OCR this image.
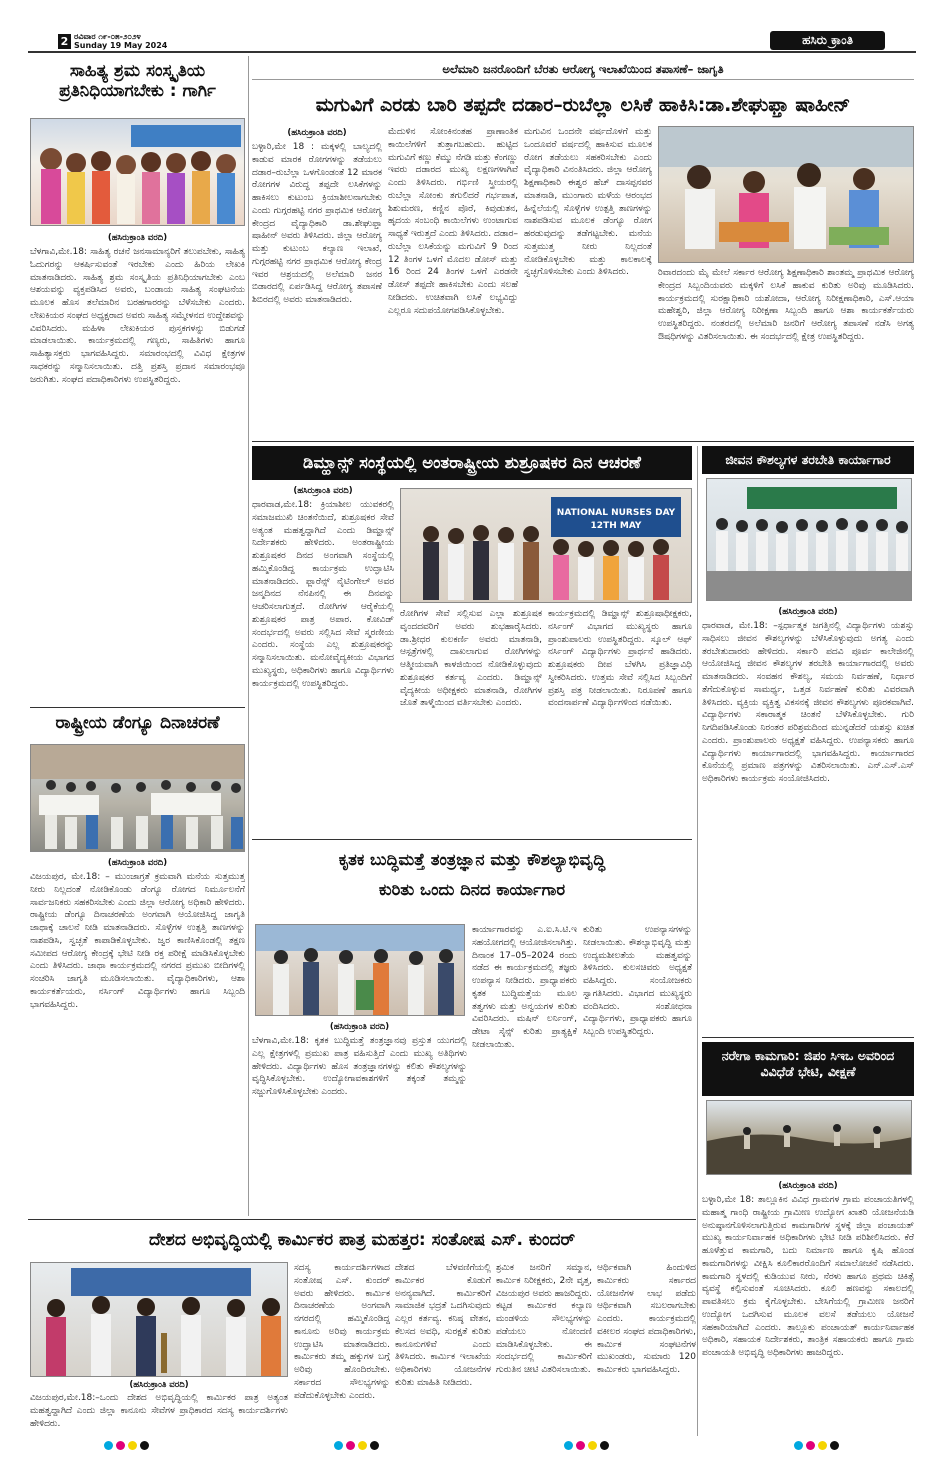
2 ರವಿವಾರ ೧೯-೦೫-೨೦೨೪
Sunday 19 May 2024	ಹಸಿರು ಕ್ರಾಂತಿ
ಸಾಹಿತ್ಯ ಶ್ರಮ ಸಂಸ್ಕೃತಿಯ ಪ್ರತಿನಿಧಿಯಾಗಬೇಕು : ಗಾರ್ಗಿ
(ಹಸಿರುಕ್ರಾಂತಿ ವರದಿ)
ಬೆಳಗಾವಿ,ಮೇ.18: ಸಾಹಿತ್ಯ ರಚನೆ ಜನಸಾಮಾನ್ಯರಿಗೆ ತಲುಪಬೇಕು, ಸಾಹಿತ್ಯ ಓದುಗರನ್ನು ಆಕರ್ಷಿಸುವಂತೆ ಇರಬೇಕು ಎಂದು ಹಿರಿಯ ಲೇಖಕಿ ಮಾತನಾಡಿದರು. ಸಾಹಿತ್ಯ ಶ್ರಮ ಸಂಸ್ಕೃತಿಯ ಪ್ರತಿನಿಧಿಯಾಗಬೇಕು ಎಂಬ ಆಶಯವನ್ನು ವ್ಯಕ್ತಪಡಿಸಿದ ಅವರು, ಬಂಡಾಯ ಸಾಹಿತ್ಯ ಸಂಘಟನೆಯ ಮೂಲಕ ಹೊಸ ತಲೆಮಾರಿನ ಬರಹಗಾರರನ್ನು ಬೆಳೆಸಬೇಕು ಎಂದರು. ಲೇಖಕಿಯರ ಸಂಘದ ಅಧ್ಯಕ್ಷರಾದ ಅವರು ಸಾಹಿತ್ಯ ಸಮ್ಮೇಳನದ ಉದ್ದೇಶವನ್ನು ವಿವರಿಸಿದರು. ಮಹಿಳಾ ಲೇಖಕಿಯರ ಪುಸ್ತಕಗಳನ್ನು ಬಿಡುಗಡೆ ಮಾಡಲಾಯಿತು. ಕಾರ್ಯಕ್ರಮದಲ್ಲಿ ಗಣ್ಯರು, ಸಾಹಿತಿಗಳು ಹಾಗೂ ಸಾಹಿತ್ಯಾಸಕ್ತರು ಭಾಗವಹಿಸಿದ್ದರು. ಸಮಾರಂಭದಲ್ಲಿ ವಿವಿಧ ಕ್ಷೇತ್ರಗಳ ಸಾಧಕರನ್ನು ಸನ್ಮಾನಿಸಲಾಯಿತು. ದತ್ತಿ ಪ್ರಶಸ್ತಿ ಪ್ರದಾನ ಸಮಾರಂಭವೂ ಜರುಗಿತು. ಸಂಘದ ಪದಾಧಿಕಾರಿಗಳು ಉಪಸ್ಥಿತರಿದ್ದರು.
ರಾಷ್ಟ್ರೀಯ ಡೆಂಗ್ಯೂ ದಿನಾಚರಣೆ
(ಹಸಿರುಕ್ರಾಂತಿ ವರದಿ)
ವಿಜಯಪುರ, ಮೇ.18: – ಮುಂಜಾಗ್ರತೆ ಕ್ರಮವಾಗಿ ಮನೆಯ ಸುತ್ತಮುತ್ತ ನೀರು ನಿಲ್ಲದಂತೆ ನೋಡಿಕೊಂಡು ಡೆಂಗ್ಯೂ ರೋಗದ ನಿರ್ಮೂಲನೆಗೆ ಸಾರ್ವಜನಿಕರು ಸಹಕರಿಸಬೇಕು ಎಂದು ಜಿಲ್ಲಾ ಆರೋಗ್ಯ ಅಧಿಕಾರಿ ಹೇಳಿದರು. ರಾಷ್ಟ್ರೀಯ ಡೆಂಗ್ಯೂ ದಿನಾಚರಣೆಯ ಅಂಗವಾಗಿ ಆಯೋಜಿಸಿದ್ದ ಜಾಗೃತಿ ಜಾಥಾಕ್ಕೆ ಚಾಲನೆ ನೀಡಿ ಮಾತನಾಡಿದರು. ಸೊಳ್ಳೆಗಳ ಉತ್ಪತ್ತಿ ತಾಣಗಳನ್ನು ನಾಶಪಡಿಸಿ, ಸ್ವಚ್ಛತೆ ಕಾಪಾಡಿಕೊಳ್ಳಬೇಕು. ಜ್ವರ ಕಾಣಿಸಿಕೊಂಡಲ್ಲಿ ತಕ್ಷಣ ಸಮೀಪದ ಆರೋಗ್ಯ ಕೇಂದ್ರಕ್ಕೆ ಭೇಟಿ ನೀಡಿ ರಕ್ತ ಪರೀಕ್ಷೆ ಮಾಡಿಸಿಕೊಳ್ಳಬೇಕು ಎಂದು ತಿಳಿಸಿದರು. ಜಾಥಾ ಕಾರ್ಯಕ್ರಮದಲ್ಲಿ ನಗರದ ಪ್ರಮುಖ ಬೀದಿಗಳಲ್ಲಿ ಸಂಚರಿಸಿ ಜಾಗೃತಿ ಮೂಡಿಸಲಾಯಿತು. ವೈದ್ಯಾಧಿಕಾರಿಗಳು, ಆಶಾ ಕಾರ್ಯಕರ್ತೆಯರು, ನರ್ಸಿಂಗ್ ವಿದ್ಯಾರ್ಥಿಗಳು ಹಾಗೂ ಸಿಬ್ಬಂದಿ ಭಾಗವಹಿಸಿದ್ದರು.
ಅಲೆಮಾರಿ ಜನರೊಂದಿಗೆ ಬೆರತು ಆರೋಗ್ಯ ಇಲಾಖೆಯಿಂದ ತಪಾಸಣೆ– ಜಾಗೃತಿ
ಮಗುವಿಗೆ ಎರಡು ಬಾರಿ ತಪ್ಪದೇ ದಡಾರ–ರುಬೆಲ್ಲಾ ಲಸಿಕೆ ಹಾಕಿಸಿ:ಡಾ.ಶೇಘುಫ್ತಾ ಷಾಹೀನ್
(ಹಸಿರುಕ್ರಾಂತಿ ವರದಿ)
ಬಳ್ಳಾರಿ,ಮೇ 18 : ಮಕ್ಕಳಲ್ಲಿ ಬಾಲ್ಯದಲ್ಲಿ ಕಾಡುವ ಮಾರಕ ರೋಗಗಳನ್ನು ತಡೆಯಲು ದಡಾರ–ರುಬೆಲ್ಲಾ ಒಳಗೊಂಡಂತೆ 12 ಮಾರಕ ರೋಗಗಳ ವಿರುದ್ಧ ತಪ್ಪದೇ ಲಸಿಕೆಗಳನ್ನು ಹಾಕಿಸಲು ಕುಟುಂಬ ಕ್ರಿಯಾಶೀಲನಾಗಬೇಕು ಎಂದು ಗುಗ್ಗರಹಟ್ಟಿ ನಗರ ಪ್ರಾಥಮಿಕ ಆರೋಗ್ಯ ಕೇಂದ್ರದ ವೈದ್ಯಾಧಿಕಾರಿ ಡಾ.ಶೇಘುಫ್ತಾ ಷಾಹೀನ್ ಅವರು ತಿಳಿಸಿದರು. ಜಿಲ್ಲಾ ಆರೋಗ್ಯ ಮತ್ತು ಕುಟುಂಬ ಕಲ್ಯಾಣ ಇಲಾಖೆ, ಗುಗ್ಗರಹಟ್ಟಿ ನಗರ ಪ್ರಾಥಮಿಕ ಆರೋಗ್ಯ ಕೇಂದ್ರ ಇವರ ಆಶ್ರಯದಲ್ಲಿ ಅಲೆಮಾರಿ ಜನರ ಬಿಡಾರದಲ್ಲಿ ಏರ್ಪಡಿಸಿದ್ದ ಆರೋಗ್ಯ ತಪಾಸಣೆ ಶಿಬಿರದಲ್ಲಿ ಅವರು ಮಾತನಾಡಿದರು.
ಮೆದುಳಿನ ಸೋಂಕಿನಂತಹ ಪ್ರಾಣಾಂತಿಕ ಕಾಯಿಲೆಗಳಿಗೆ ತುತ್ತಾಗಬಹುದು. ಹುಟ್ಟಿದ ಮಗುವಿಗೆ ಕಣ್ಣು ಕೆಮ್ಮು ನೆಗಡಿ ಮತ್ತು ಕೆಂಗಣ್ಣು ಇವರು ದಡಾರದ ಮುಖ್ಯ ಲಕ್ಷಣಗಳಾಗಿವೆ ಎಂದು ತಿಳಿಸಿದರು. ಗರ್ಭಿಣಿ ಸ್ತ್ರೀಯರಲ್ಲಿ ರುಬೆಲ್ಲಾ ಸೋಂಕು ತಗುಲಿದರೆ ಗರ್ಭಪಾತ, ಶಿಶುಮರಣ, ಕಣ್ಣಿನ ಪೊರೆ, ಕಿವುಡುತನ, ಹೃದಯ ಸಂಬಂಧಿ ಕಾಯಿಲೆಗಳು ಉಂಟಾಗುವ ಸಾಧ್ಯತೆ ಇರುತ್ತದೆ ಎಂದು ತಿಳಿಸಿದರು. ದಡಾರ–ರುಬೆಲ್ಲಾ ಲಸಿಕೆಯನ್ನು ಮಗುವಿಗೆ 9 ರಿಂದ 12 ತಿಂಗಳ ಒಳಗೆ ಮೊದಲ ಡೋಸ್ ಮತ್ತು 16 ರಿಂದ 24 ತಿಂಗಳ ಒಳಗೆ ಎರಡನೇ ಡೋಸ್ ತಪ್ಪದೇ ಹಾಕಿಸಬೇಕು ಎಂದು ಸಲಹೆ ನೀಡಿದರು. ಉಚಿತವಾಗಿ ಲಸಿಕೆ ಲಭ್ಯವಿದ್ದು ಎಲ್ಲರೂ ಸದುಪಯೋಗಪಡಿಸಿಕೊಳ್ಳಬೇಕು.
ಮಗುವಿನ ಒಂದನೇ ವರ್ಷದೊಳಗೆ ಮತ್ತು ಒಂದೂವರೆ ವರ್ಷದಲ್ಲಿ ಹಾಕಿಸುವ ಮೂಲಕ ರೋಗ ತಡೆಯಲು ಸಹಕರಿಸಬೇಕು ಎಂದು ವೈದ್ಯಾಧಿಕಾರಿ ವಿನಂತಿಸಿದರು. ಜಿಲ್ಲಾ ಆರೋಗ್ಯ ಶಿಕ್ಷಣಾಧಿಕಾರಿ ಈಶ್ವರ ಹೆಚ್ ದಾಸಪ್ಪನವರ ಮಾತನಾಡಿ, ಮುಂಗಾರು ಮಳೆಯ ಆರಂಭದ ಹಿನ್ನೆಲೆಯಲ್ಲಿ ಸೊಳ್ಳೆಗಳ ಉತ್ಪತ್ತಿ ತಾಣಗಳನ್ನು ನಾಶಪಡಿಸುವ ಮೂಲಕ ಡೆಂಗ್ಯೂ ರೋಗ ಹರಡುವುದನ್ನು ತಡೆಗಟ್ಟಬೇಕು. ಮನೆಯ ಸುತ್ತಮುತ್ತ ನೀರು ನಿಲ್ಲದಂತೆ ನೋಡಿಕೊಳ್ಳಬೇಕು ಮತ್ತು ಕಾಲಕಾಲಕ್ಕೆ ಸ್ವಚ್ಛಗೊಳಿಸಬೇಕು ಎಂದು ತಿಳಿಸಿದರು.	ರಿವಾರದಂದು ಮೈ ಮೇಲೆ ಸರ್ಕಾರ ಆರೋಗ್ಯ ಶಿಕ್ಷಣಾಧಿಕಾರಿ ಶಾಂತಮ್ಮ ಪ್ರಾಥಮಿಕ ಆರೋಗ್ಯ ಕೇಂದ್ರದ ಸಿಬ್ಬಂದಿಯವರು ಮಕ್ಕಳಿಗೆ ಲಸಿಕೆ ಹಾಕುವ ಕುರಿತು ಅರಿವು ಮೂಡಿಸಿದರು. ಕಾರ್ಯಕ್ರಮದಲ್ಲಿ ಸುರಕ್ಷಾಧಿಕಾರಿ ಯಶೋದಾ, ಆರೋಗ್ಯ ನಿರೀಕ್ಷಣಾಧಿಕಾರಿ, ಎಸ್.ಆಯಾ ಮಹೇಶ್ವರಿ, ಜಿಲ್ಲಾ ಆರೋಗ್ಯ ನಿರೀಕ್ಷಣಾ ಸಿಬ್ಬಂದಿ ಹಾಗೂ ಆಶಾ ಕಾರ್ಯಕರ್ತೆಯರು ಉಪಸ್ಥಿತರಿದ್ದರು. ನಂತರದಲ್ಲಿ ಅಲೆಮಾರಿ ಜನರಿಗೆ ಆರೋಗ್ಯ ತಪಾಸಣೆ ನಡೆಸಿ ಅಗತ್ಯ ಔಷಧಿಗಳನ್ನು ವಿತರಿಸಲಾಯಿತು. ಈ ಸಂದರ್ಭದಲ್ಲಿ ಕ್ಷೇತ್ರ ಉಪಸ್ಥಿತರಿದ್ದರು.
ಡಿಮ್ಹಾನ್ಸ್ ಸಂಸ್ಥೆಯಲ್ಲಿ ಅಂತರಾಷ್ಟ್ರೀಯ ಶುಶ್ರೂಷಕರ ದಿನ ಆಚರಣೆ
(ಹಸಿರುಕ್ರಾಂತಿ ವರದಿ)
ಧಾರವಾಡ,ಮೇ.18: ಕ್ರಿಯಾಶೀಲ ಯುವಕರಲ್ಲಿ ಸಮಾಜಮುಖಿ ಚಿಂತನೆಯಿದೆ, ಶುಶ್ರೂಷಕರ ಸೇವೆ ಅತ್ಯಂತ ಮಹತ್ವದ್ದಾಗಿದೆ ಎಂದು ಡಿಮ್ಹಾನ್ಸ್ ನಿರ್ದೇಶಕರು ಹೇಳಿದರು. ಅಂತರಾಷ್ಟ್ರೀಯ ಶುಶ್ರೂಷಕರ ದಿನದ ಅಂಗವಾಗಿ ಸಂಸ್ಥೆಯಲ್ಲಿ ಹಮ್ಮಿಕೊಂಡಿದ್ದ ಕಾರ್ಯಕ್ರಮ ಉದ್ಘಾಟಿಸಿ ಮಾತನಾಡಿದರು. ಫ್ಲಾರೆನ್ಸ್ ನೈಟಿಂಗೇಲ್ ಅವರ ಜನ್ಮದಿನದ ನೆನಪಿನಲ್ಲಿ ಈ ದಿನವನ್ನು ಆಚರಿಸಲಾಗುತ್ತದೆ. ರೋಗಿಗಳ ಆರೈಕೆಯಲ್ಲಿ ಶುಶ್ರೂಷಕರ ಪಾತ್ರ ಅಪಾರ. ಕೋವಿಡ್ ಸಂದರ್ಭದಲ್ಲಿ ಅವರು ಸಲ್ಲಿಸಿದ ಸೇವೆ ಸ್ಮರಣೀಯ ಎಂದರು. ಸಂಸ್ಥೆಯ ಎಲ್ಲ ಶುಶ್ರೂಷಕರನ್ನು ಸನ್ಮಾನಿಸಲಾಯಿತು. ಮನೋವೈದ್ಯಕೀಯ ವಿಭಾಗದ ಮುಖ್ಯಸ್ಥರು, ಅಧಿಕಾರಿಗಳು ಹಾಗೂ ವಿದ್ಯಾರ್ಥಿಗಳು ಕಾರ್ಯಕ್ರಮದಲ್ಲಿ ಉಪಸ್ಥಿತರಿದ್ದರು.
NATIONAL NURSES DAY
12TH MAY
ರೋಗಿಗಳ ಸೇವೆ ಸಲ್ಲಿಸುವ ಎಲ್ಲಾ ಶುಶ್ರೂಷಕ ವೃಂದದವರಿಗೆ ಅವರು ಶುಭಹಾರೈಸಿದರು. ಡಾ.ಶ್ರೀಧರ ಕುಲಕರ್ಣಿ ಅವರು ಮಾತನಾಡಿ, ಆಸ್ಪತ್ರೆಗಳಲ್ಲಿ ದಾಖಲಾಗುವ ರೋಗಿಗಳನ್ನು ಆತ್ಮೀಯವಾಗಿ ಕಾಳಜಿಯಿಂದ ನೋಡಿಕೊಳ್ಳುವುದು ಶುಶ್ರೂಷಕರ ಕರ್ತವ್ಯ ಎಂದರು. ಡಿಮ್ಹಾನ್ಸ್ ವೈದ್ಯಕೀಯ ಅಧೀಕ್ಷಕರು ಮಾತನಾಡಿ, ರೋಗಿಗಳ ಜೊತೆ ತಾಳ್ಮೆಯಿಂದ ವರ್ತಿಸಬೇಕು ಎಂದರು.
ಕಾರ್ಯಕ್ರಮದಲ್ಲಿ ಡಿಮ್ಹಾನ್ಸ್ ಶುಶ್ರೂಷಾಧೀಕ್ಷಕರು, ನರ್ಸಿಂಗ್ ವಿಭಾಗದ ಮುಖ್ಯಸ್ಥರು ಹಾಗೂ ಪ್ರಾಂಶುಪಾಲರು ಉಪಸ್ಥಿತರಿದ್ದರು. ಸ್ಕೂಲ್ ಆಫ್ ನರ್ಸಿಂಗ್ ವಿದ್ಯಾರ್ಥಿಗಳು ಪ್ರಾರ್ಥನೆ ಹಾಡಿದರು. ಶುಶ್ರೂಷಕರು ದೀಪ ಬೆಳಗಿಸಿ ಪ್ರತಿಜ್ಞಾವಿಧಿ ಸ್ವೀಕರಿಸಿದರು. ಉತ್ತಮ ಸೇವೆ ಸಲ್ಲಿಸಿದ ಸಿಬ್ಬಂದಿಗೆ ಪ್ರಶಸ್ತಿ ಪತ್ರ ನೀಡಲಾಯಿತು. ನಿರೂಪಣೆ ಹಾಗೂ ವಂದನಾರ್ಪಣೆ ವಿದ್ಯಾರ್ಥಿಗಳಿಂದ ನಡೆಯಿತು.
ಜೀವನ ಕೌಶಲ್ಯಗಳ ತರಬೇತಿ ಕಾರ್ಯಾಗಾರ
(ಹಸಿರುಕ್ರಾಂತಿ ವರದಿ)
ಧಾರವಾಡ, ಮೇ.18: –ಸ್ಪರ್ಧಾತ್ಮಕ ಜಗತ್ತಿನಲ್ಲಿ ವಿದ್ಯಾರ್ಥಿಗಳು ಯಶಸ್ಸು ಸಾಧಿಸಲು ಜೀವನ ಕೌಶಲ್ಯಗಳನ್ನು ಬೆಳೆಸಿಕೊಳ್ಳುವುದು ಅಗತ್ಯ ಎಂದು ತರಬೇತುದಾರರು ಹೇಳಿದರು. ಸರ್ಕಾರಿ ಪದವಿ ಪೂರ್ವ ಕಾಲೇಜಿನಲ್ಲಿ ಆಯೋಜಿಸಿದ್ದ ಜೀವನ ಕೌಶಲ್ಯಗಳ ತರಬೇತಿ ಕಾರ್ಯಾಗಾರದಲ್ಲಿ ಅವರು ಮಾತನಾಡಿದರು. ಸಂವಹನ ಕೌಶಲ್ಯ, ಸಮಯ ನಿರ್ವಹಣೆ, ನಿರ್ಧಾರ ತೆಗೆದುಕೊಳ್ಳುವ ಸಾಮರ್ಥ್ಯ, ಒತ್ತಡ ನಿರ್ವಹಣೆ ಕುರಿತು ವಿವರವಾಗಿ ತಿಳಿಸಿದರು. ವ್ಯಕ್ತಿಯ ವ್ಯಕ್ತಿತ್ವ ವಿಕಸನಕ್ಕೆ ಜೀವನ ಕೌಶಲ್ಯಗಳು ಪೂರಕವಾಗಿವೆ. ವಿದ್ಯಾರ್ಥಿಗಳು ಸಕಾರಾತ್ಮಕ ಚಿಂತನೆ ಬೆಳೆಸಿಕೊಳ್ಳಬೇಕು. ಗುರಿ ನಿಗದಿಪಡಿಸಿಕೊಂಡು ನಿರಂತರ ಪರಿಶ್ರಮದಿಂದ ಮುನ್ನಡೆದರೆ ಯಶಸ್ಸು ಖಚಿತ ಎಂದರು. ಪ್ರಾಂಶುಪಾಲರು ಅಧ್ಯಕ್ಷತೆ ವಹಿಸಿದ್ದರು. ಉಪನ್ಯಾಸಕರು ಹಾಗೂ ವಿದ್ಯಾರ್ಥಿಗಳು ಕಾರ್ಯಾಗಾರದಲ್ಲಿ ಭಾಗವಹಿಸಿದ್ದರು. ಕಾರ್ಯಾಗಾರದ ಕೊನೆಯಲ್ಲಿ ಪ್ರಮಾಣ ಪತ್ರಗಳನ್ನು ವಿತರಿಸಲಾಯಿತು. ಎನ್.ಎಸ್.ಎಸ್ ಅಧಿಕಾರಿಗಳು ಕಾರ್ಯಕ್ರಮ ಸಂಯೋಜಿಸಿದರು.
ಕೃತಕ ಬುದ್ಧಿಮತ್ತೆ ತಂತ್ರಜ್ಞಾನ ಮತ್ತು ಕೌಶಲ್ಯಾಭಿವೃದ್ಧಿ
ಕುರಿತು ಒಂದು ದಿನದ ಕಾರ್ಯಾಗಾರ
(ಹಸಿರುಕ್ರಾಂತಿ ವರದಿ)
ಬೆಳಗಾವಿ,ಮೇ.18: ಕೃತಕ ಬುದ್ಧಿಮತ್ತೆ ತಂತ್ರಜ್ಞಾನವು ಪ್ರಸ್ತುತ ಯುಗದಲ್ಲಿ ಎಲ್ಲ ಕ್ಷೇತ್ರಗಳಲ್ಲಿ ಪ್ರಮುಖ ಪಾತ್ರ ವಹಿಸುತ್ತಿದೆ ಎಂದು ಮುಖ್ಯ ಅತಿಥಿಗಳು ಹೇಳಿದರು. ವಿದ್ಯಾರ್ಥಿಗಳು ಹೊಸ ತಂತ್ರಜ್ಞಾನಗಳನ್ನು ಕಲಿತು ಕೌಶಲ್ಯಗಳನ್ನು ವೃದ್ಧಿಸಿಕೊಳ್ಳಬೇಕು. ಉದ್ಯೋಗಾವಕಾಶಗಳಿಗೆ ತಕ್ಕಂತೆ ತಮ್ಮನ್ನು ಸಜ್ಜುಗೊಳಿಸಿಕೊಳ್ಳಬೇಕು ಎಂದರು.
ಕಾರ್ಯಾಗಾರವನ್ನು ಎ.ಐ.ಸಿ.ಟಿ.ಇ ಸಹಯೋಗದಲ್ಲಿ ಆಯೋಜಿಸಲಾಗಿತ್ತು. ದಿನಾಂಕ 17–05–2024 ರಂದು ನಡೆದ ಈ ಕಾರ್ಯಕ್ರಮದಲ್ಲಿ ತಜ್ಞರು ಉಪನ್ಯಾಸ ನೀಡಿದರು. ಪ್ರಾಧ್ಯಾಪಕರು ಕೃತಕ ಬುದ್ಧಿಮತ್ತೆಯ ಮೂಲ ತತ್ವಗಳು ಮತ್ತು ಅನ್ವಯಗಳ ಕುರಿತು ವಿವರಿಸಿದರು. ಮಷಿನ್ ಲರ್ನಿಂಗ್, ಡೇಟಾ ಸೈನ್ಸ್ ಕುರಿತು ಪ್ರಾತ್ಯಕ್ಷಿಕೆ ನೀಡಲಾಯಿತು.
ಕುರಿತು ಉಪನ್ಯಾಸಗಳನ್ನು ನೀಡಲಾಯಿತು. ಕೌಶಲ್ಯಾಭಿವೃದ್ಧಿ ಮತ್ತು ಉದ್ಯಮಶೀಲತೆಯ ಮಹತ್ವವನ್ನು ತಿಳಿಸಿದರು. ಕುಲಸಚಿವರು ಅಧ್ಯಕ್ಷತೆ ವಹಿಸಿದ್ದರು. ಸಂಯೋಜಕರು ಸ್ವಾಗತಿಸಿದರು. ವಿಭಾಗದ ಮುಖ್ಯಸ್ಥರು ವಂದಿಸಿದರು. ಸಂಶೋಧನಾ ವಿದ್ಯಾರ್ಥಿಗಳು, ಪ್ರಾಧ್ಯಾಪಕರು ಹಾಗೂ ಸಿಬ್ಬಂದಿ ಉಪಸ್ಥಿತರಿದ್ದರು.
ನರೇಗಾ ಕಾಮಗಾರಿ: ಜಿಪಂ ಸಿಇಒ ಅವರಿಂದ ವಿವಿಧೆಡೆ ಭೇಟಿ, ವೀಕ್ಷಣೆ
(ಹಸಿರುಕ್ರಾಂತಿ ವರದಿ)
ಬಳ್ಳಾರಿ,ಮೇ 18: ತಾಲ್ಲೂಕಿನ ವಿವಿಧ ಗ್ರಾಮಗಳ ಗ್ರಾಮ ಪಂಚಾಯತಿಗಳಲ್ಲಿ ಮಹಾತ್ಮ ಗಾಂಧಿ ರಾಷ್ಟ್ರೀಯ ಗ್ರಾಮೀಣ ಉದ್ಯೋಗ ಖಾತರಿ ಯೋಜನೆಯಡಿ ಅನುಷ್ಠಾನಗೊಳಿಸಲಾಗುತ್ತಿರುವ ಕಾಮಗಾರಿಗಳ ಸ್ಥಳಕ್ಕೆ ಜಿಲ್ಲಾ ಪಂಚಾಯತ್ ಮುಖ್ಯ ಕಾರ್ಯನಿರ್ವಾಹಕ ಅಧಿಕಾರಿಗಳು ಭೇಟಿ ನೀಡಿ ಪರಿಶೀಲಿಸಿದರು. ಕೆರೆ ಹೂಳೆತ್ತುವ ಕಾಮಗಾರಿ, ಬದು ನಿರ್ಮಾಣ ಹಾಗೂ ಕೃಷಿ ಹೊಂಡ ಕಾಮಗಾರಿಗಳನ್ನು ವೀಕ್ಷಿಸಿ ಕೂಲಿಕಾರರೊಂದಿಗೆ ಸಮಾಲೋಚನೆ ನಡೆಸಿದರು. ಕಾಮಗಾರಿ ಸ್ಥಳದಲ್ಲಿ ಕುಡಿಯುವ ನೀರು, ನೆರಳು ಹಾಗೂ ಪ್ರಥಮ ಚಿಕಿತ್ಸೆ ವ್ಯವಸ್ಥೆ ಕಲ್ಪಿಸುವಂತೆ ಸೂಚಿಸಿದರು. ಕೂಲಿ ಹಣವನ್ನು ಸಕಾಲದಲ್ಲಿ ಪಾವತಿಸಲು ಕ್ರಮ ಕೈಗೊಳ್ಳಬೇಕು. ಬೇಸಿಗೆಯಲ್ಲಿ ಗ್ರಾಮೀಣ ಜನರಿಗೆ ಉದ್ಯೋಗ ಒದಗಿಸುವ ಮೂಲಕ ವಲಸೆ ತಡೆಯಲು ಯೋಜನೆ ಸಹಕಾರಿಯಾಗಿದೆ ಎಂದರು. ತಾಲ್ಲೂಕು ಪಂಚಾಯತ್ ಕಾರ್ಯನಿರ್ವಾಹಕ ಅಧಿಕಾರಿ, ಸಹಾಯಕ ನಿರ್ದೇಶಕರು, ತಾಂತ್ರಿಕ ಸಹಾಯಕರು ಹಾಗೂ ಗ್ರಾಮ ಪಂಚಾಯತಿ ಅಭಿವೃದ್ಧಿ ಅಧಿಕಾರಿಗಳು ಹಾಜರಿದ್ದರು.
ದೇಶದ ಅಭಿವೃದ್ಧಿಯಲ್ಲಿ ಕಾರ್ಮಿಕರ ಪಾತ್ರ ಮಹತ್ತರ: ಸಂತೋಷ ಎಸ್. ಕುಂದರ್
(ಹಸಿರುಕ್ರಾಂತಿ ವರದಿ)
ವಿಜಯಪುರ,ಮೇ.18:–ಒಂದು ದೇಶದ ಅಭಿವೃದ್ಧಿಯಲ್ಲಿ ಕಾರ್ಮಿಕರ ಪಾತ್ರ ಅತ್ಯಂತ ಮಹತ್ವದ್ದಾಗಿದೆ ಎಂದು ಜಿಲ್ಲಾ ಕಾನೂನು ಸೇವೆಗಳ ಪ್ರಾಧಿಕಾರದ ಸದಸ್ಯ ಕಾರ್ಯದರ್ಶಿಗಳು ಹೇಳಿದರು.
ಸದಸ್ಯ ಕಾರ್ಯದರ್ಶಿಗಳಾದ ಸಂತೋಷ ಎಸ್. ಕುಂದರ್ ಅವರು ಹೇಳಿದರು. ಕಾರ್ಮಿಕ ದಿನಾಚರಣೆಯ ಅಂಗವಾಗಿ ನಗರದಲ್ಲಿ ಹಮ್ಮಿಕೊಂಡಿದ್ದ ಕಾನೂನು ಅರಿವು ಕಾರ್ಯಕ್ರಮ ಉದ್ಘಾಟಿಸಿ ಮಾತನಾಡಿದರು. ಕಾರ್ಮಿಕರು ತಮ್ಮ ಹಕ್ಕುಗಳ ಬಗ್ಗೆ ಅರಿವು ಹೊಂದಿರಬೇಕು. ಸರ್ಕಾರದ ಸೌಲಭ್ಯಗಳನ್ನು ಪಡೆದುಕೊಳ್ಳಬೇಕು ಎಂದರು.
ದೇಶದ ಬೆಳವಣಿಗೆಯಲ್ಲಿ ಕಾರ್ಮಿಕರ ಕೊಡುಗೆ ಅನನ್ಯವಾಗಿದೆ. ಕಾರ್ಮಿಕರಿಗೆ ಸಾಮಾಜಿಕ ಭದ್ರತೆ ಒದಗಿಸುವುದು ಎಲ್ಲರ ಕರ್ತವ್ಯ. ಕನಿಷ್ಠ ವೇತನ, ಕೆಲಸದ ಅವಧಿ, ಸುರಕ್ಷತೆ ಕುರಿತು ಕಾನೂನುಗಳಿವೆ ಎಂದು ತಿಳಿಸಿದರು. ಕಾರ್ಮಿಕ ಇಲಾಖೆಯ ಅಧಿಕಾರಿಗಳು ಯೋಜನೆಗಳ ಕುರಿತು ಮಾಹಿತಿ ನೀಡಿದರು.
ಶ್ರಮಿಕ ಜನರಿಗೆ ಸಮ್ಮಾನ, ಕಾರ್ಮಿಕ ನಿರೀಕ್ಷಕರು, 2ನೇ ವೃತ್ತ, ವಿಜಯಪುರ ಅವರು ಹಾಜರಿದ್ದರು. ಕಟ್ಟಡ ಕಾರ್ಮಿಕರ ಕಲ್ಯಾಣ ಮಂಡಳಿಯ ಸೌಲಭ್ಯಗಳನ್ನು ಪಡೆಯಲು ನೋಂದಣಿ ಮಾಡಿಸಿಕೊಳ್ಳಬೇಕು. ಈ ಸಂದರ್ಭದಲ್ಲಿ ಕಾರ್ಮಿಕರಿಗೆ ಗುರುತಿನ ಚೀಟಿ ವಿತರಿಸಲಾಯಿತು.
ಆರ್ಥಿಕವಾಗಿ ಹಿಂದುಳಿದ ಕಾರ್ಮಿಕರು ಸರ್ಕಾರದ ಯೋಜನೆಗಳ ಲಾಭ ಪಡೆದು ಆರ್ಥಿಕವಾಗಿ ಸಬಲರಾಗಬೇಕು ಎಂದರು. ಕಾರ್ಯಕ್ರಮದಲ್ಲಿ ವಕೀಲರ ಸಂಘದ ಪದಾಧಿಕಾರಿಗಳು, ಕಾರ್ಮಿಕ ಸಂಘಟನೆಗಳ ಮುಖಂಡರು, ಸುಮಾರು 120 ಕಾರ್ಮಿಕರು ಭಾಗವಹಿಸಿದ್ದರು.
